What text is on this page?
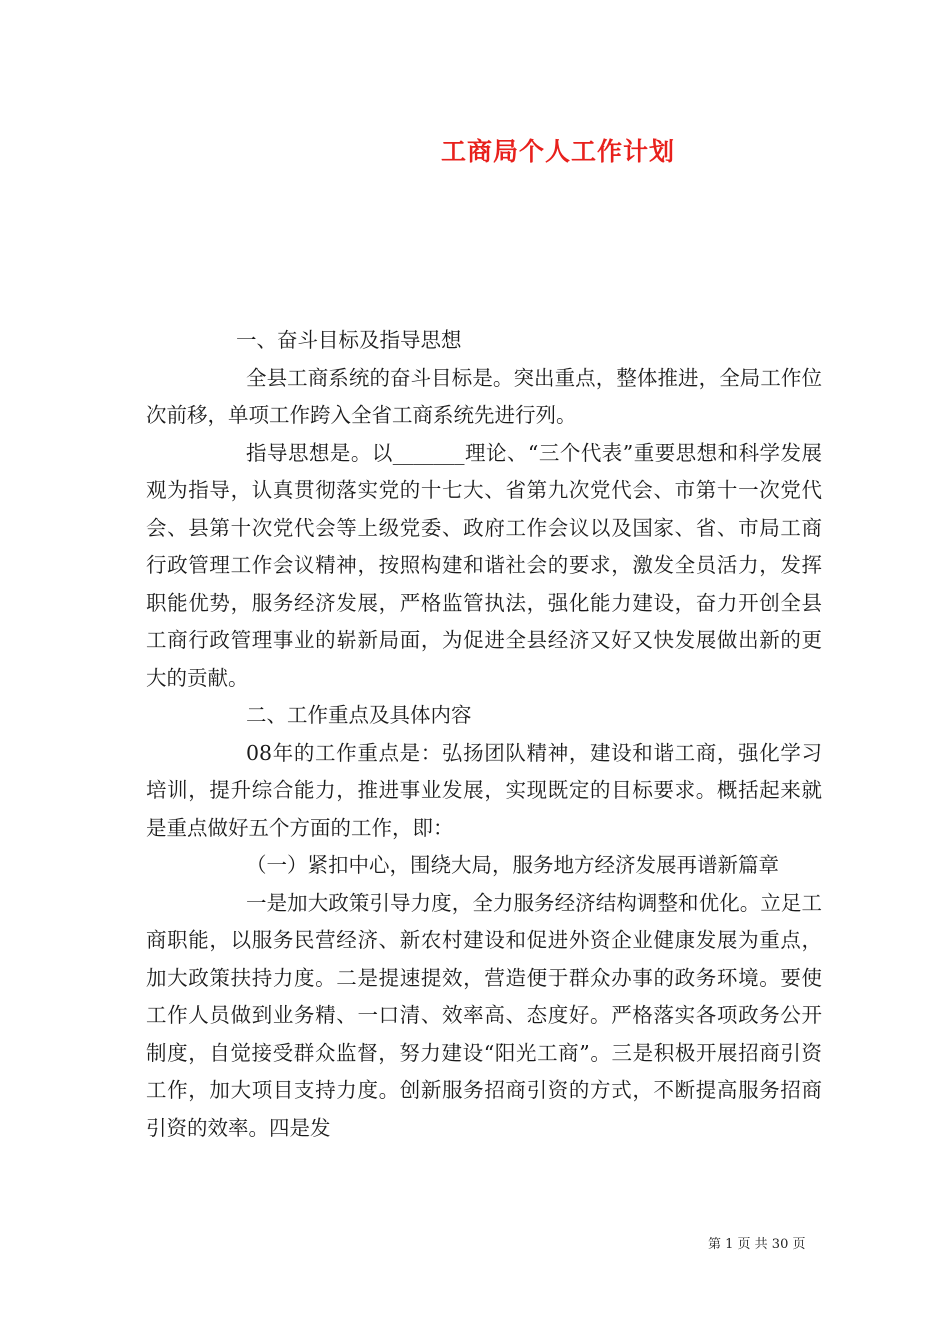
工商局个人工作计划

一、奋斗目标及指导思想

全县工商系统的奋斗目标是。突出重点，整体推进，全局工作位次前移，单项工作跨入全省工商系统先进行列。

指导思想是。以_______理论、“三个代表”重要思想和科学发展观为指导，认真贯彻落实党的十七大、省第九次党代会、市第十一次党代会、县第十次党代会等上级党委、政府工作会议以及国家、省、市局工商行政管理工作会议精神，按照构建和谐社会的要求，激发全员活力，发挥职能优势，服务经济发展，严格监管执法，强化能力建设，奋力开创全县工商行政管理事业的崭新局面，为促进全县经济又好又快发展做出新的更大的贡献。

二、工作重点及具体内容

08年的工作重点是：弘扬团队精神，建设和谐工商，强化学习培训，提升综合能力，推进事业发展，实现既定的目标要求。概括起来就是重点做好五个方面的工作，即：

（一）紧扣中心，围绕大局，服务地方经济发展再谱新篇章

一是加大政策引导力度，全力服务经济结构调整和优化。立足工商职能，以服务民营经济、新农村建设和促进外资企业健康发展为重点，加大政策扶持力度。二是提速提效，营造便于群众办事的政务环境。要使工作人员做到业务精、一口清、效率高、态度好。严格落实各项政务公开制度，自觉接受群众监督，努力建设“阳光工商”。三是积极开展招商引资工作，加大项目支持力度。创新服务招商引资的方式，不断提高服务招商引资的效率。四是发

第 1 页 共 30 页
